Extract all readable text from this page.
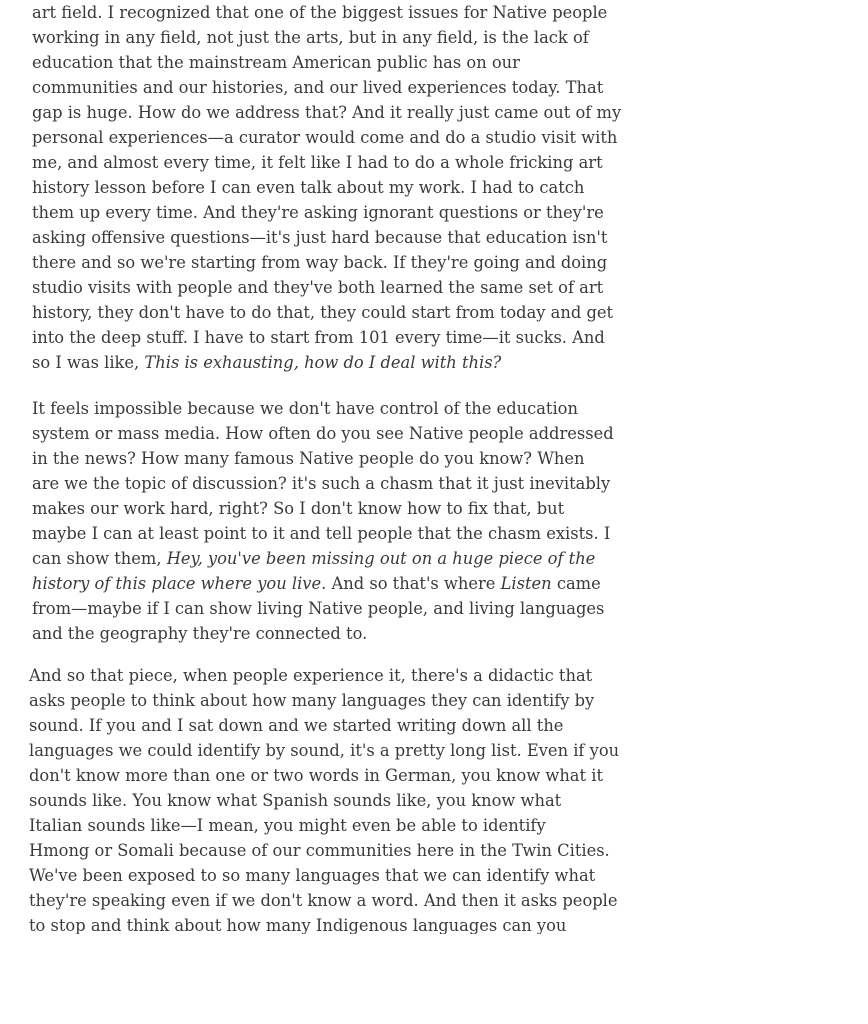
art field. I recognized that one of the biggest issues for Native people
working in any field, not just the arts, but in any field, is the lack of
education that the mainstream American public has on our
communities and our histories, and our lived experiences today. That
gap is huge. How do we address that? And it really just came out of my
personal experiences—a curator would come and do a studio visit with
me, and almost every time, it felt like I had to do a whole fricking art
history lesson before I can even talk about my work. I had to catch
them up every time. And they're asking ignorant questions or they're
asking offensive questions—it's just hard because that education isn't
there and so we're starting from way back. If they're going and doing
studio visits with people and they've both learned the same set of art
history, they don't have to do that, they could start from today and get
into the deep stuff. I have to start from 101 every time—it sucks. And
so I was like, This is exhausting, how do I deal with this?
It feels impossible because we don't have control of the education
system or mass media. How often do you see Native people addressed
in the news? How many famous Native people do you know? When
are we the topic of discussion? it's such a chasm that it just inevitably
makes our work hard, right? So I don't know how to fix that, but
maybe I can at least point to it and tell people that the chasm exists. I
can show them, Hey, you've been missing out on a huge piece of the
history of this place where you live. And so that's where Listen came
from—maybe if I can show living Native people, and living languages
and the geography they're connected to.
And so that piece, when people experience it, there's a didactic that
asks people to think about how many languages they can identify by
sound. If you and I sat down and we started writing down all the
languages we could identify by sound, it's a pretty long list. Even if you
don't know more than one or two words in German, you know what it
sounds like. You know what Spanish sounds like, you know what
Italian sounds like—I mean, you might even be able to identify
Hmong or Somali because of our communities here in the Twin Cities.
We've been exposed to so many languages that we can identify what
they're speaking even if we don't know a word. And then it asks people
to stop and think about how many Indigenous languages can you
